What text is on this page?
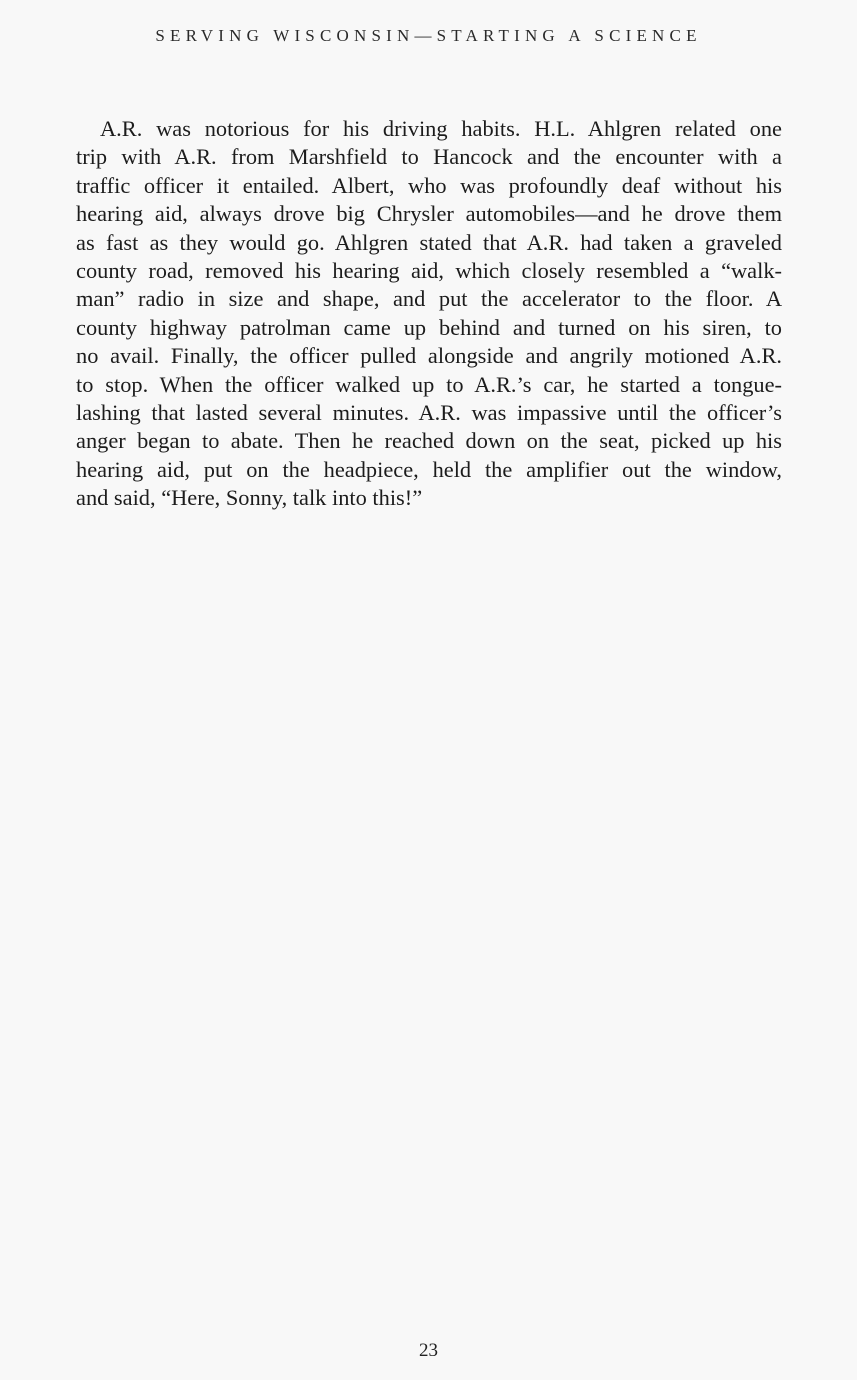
SERVING WISCONSIN—STARTING A SCIENCE

A.R. was notorious for his driving habits. H.L. Ahlgren related one
trip with A.R. from Marshfield to Hancock and the encounter with a
traffic officer it entailed. Albert, who was profoundly deaf without his
hearing aid, always drove big Chrysler automobiles—and he drove them
as fast as they would go. Ahlgren stated that A.R. had taken a graveled
county road, removed his hearing aid, which closely resembled a “walk-
man” radio in size and shape, and put the accelerator to the floor. A
county highway patrolman came up behind and turned on his siren, to
no avail. Finally, the officer pulled alongside and angrily motioned A.R.
to stop. When the officer walked up to A.R.’s car, he started a tongue-
lashing that lasted several minutes. A.R. was impassive until the officer’s
anger began to abate. Then he reached down on the seat, picked up his
hearing aid, put on the headpiece, held the amplifier out the window,
and said, “Here, Sonny, talk into this!”

23
